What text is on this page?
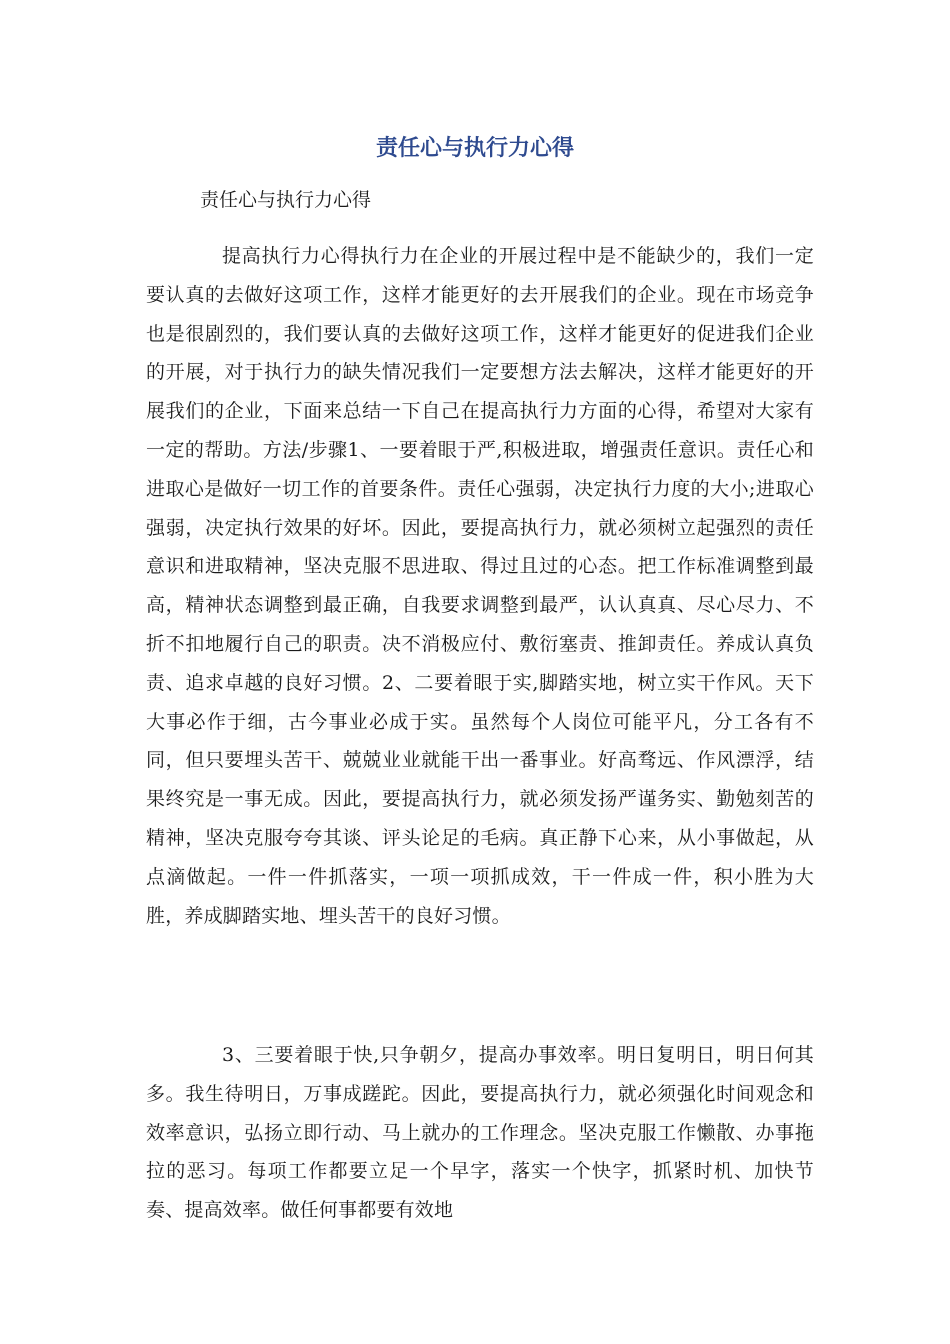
责任心与执行力心得

责任心与执行力心得

提高执行力心得执行力在企业的开展过程中是不能缺少的，我们一定要认真的去做好这项工作，这样才能更好的去开展我们的企业。现在市场竞争也是很剧烈的，我们要认真的去做好这项工作，这样才能更好的促进我们企业的开展，对于执行力的缺失情况我们一定要想方法去解决，这样才能更好的开展我们的企业，下面来总结一下自己在提高执行力方面的心得，希望对大家有一定的帮助。方法/步骤1、一要着眼于严,积极进取，增强责任意识。责任心和进取心是做好一切工作的首要条件。责任心强弱，决定执行力度的大小;进取心强弱，决定执行效果的好坏。因此，要提高执行力，就必须树立起强烈的责任意识和进取精神，坚决克服不思进取、得过且过的心态。把工作标准调整到最高，精神状态调整到最正确，自我要求调整到最严，认认真真、尽心尽力、不折不扣地履行自己的职责。决不消极应付、敷衍塞责、推卸责任。养成认真负责、追求卓越的良好习惯。2、二要着眼于实,脚踏实地，树立实干作风。天下大事必作于细，古今事业必成于实。虽然每个人岗位可能平凡，分工各有不同，但只要埋头苦干、兢兢业业就能干出一番事业。好高骛远、作风漂浮，结果终究是一事无成。因此，要提高执行力，就必须发扬严谨务实、勤勉刻苦的精神，坚决克服夸夸其谈、评头论足的毛病。真正静下心来，从小事做起，从点滴做起。一件一件抓落实，一项一项抓成效，干一件成一件，积小胜为大胜，养成脚踏实地、埋头苦干的良好习惯。

3、三要着眼于快,只争朝夕，提高办事效率。明日复明日，明日何其多。我生待明日，万事成蹉跎。因此，要提高执行力，就必须强化时间观念和效率意识，弘扬立即行动、马上就办的工作理念。坚决克服工作懒散、办事拖拉的恶习。每项工作都要立足一个早字，落实一个快字，抓紧时机、加快节奏、提高效率。做任何事都要有效地
